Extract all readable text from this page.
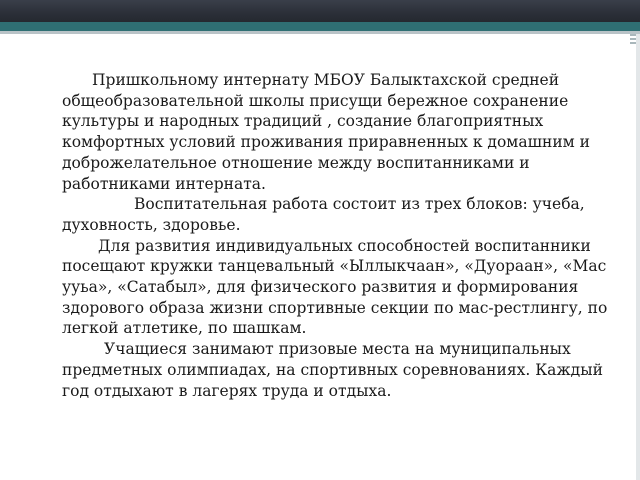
Пришкольному интернату МБОУ Балыктахской средней общеобразовательной школы присущи бережное сохранение культуры и народных традиций , создание благоприятных комфортных условий проживания приравненных к домашним и доброжелательное отношение между воспитанниками и работниками интерната.

Воспитательная работа состоит из трех блоков: учеба, духовность, здоровье.

Для развития индивидуальных способностей воспитанники посещают кружки танцевальный «Ыллыкчаан», «Дуораан», «Мас ууьа», «Сатабыл», для физического развития и формирования здорового образа жизни спортивные секции по мас-рестлингу, по легкой атлетике, по шашкам.

Учащиеся занимают призовые места на муниципальных предметных олимпиадах, на спортивных соревнованиях. Каждый год отдыхают в лагерях труда и отдыха.
